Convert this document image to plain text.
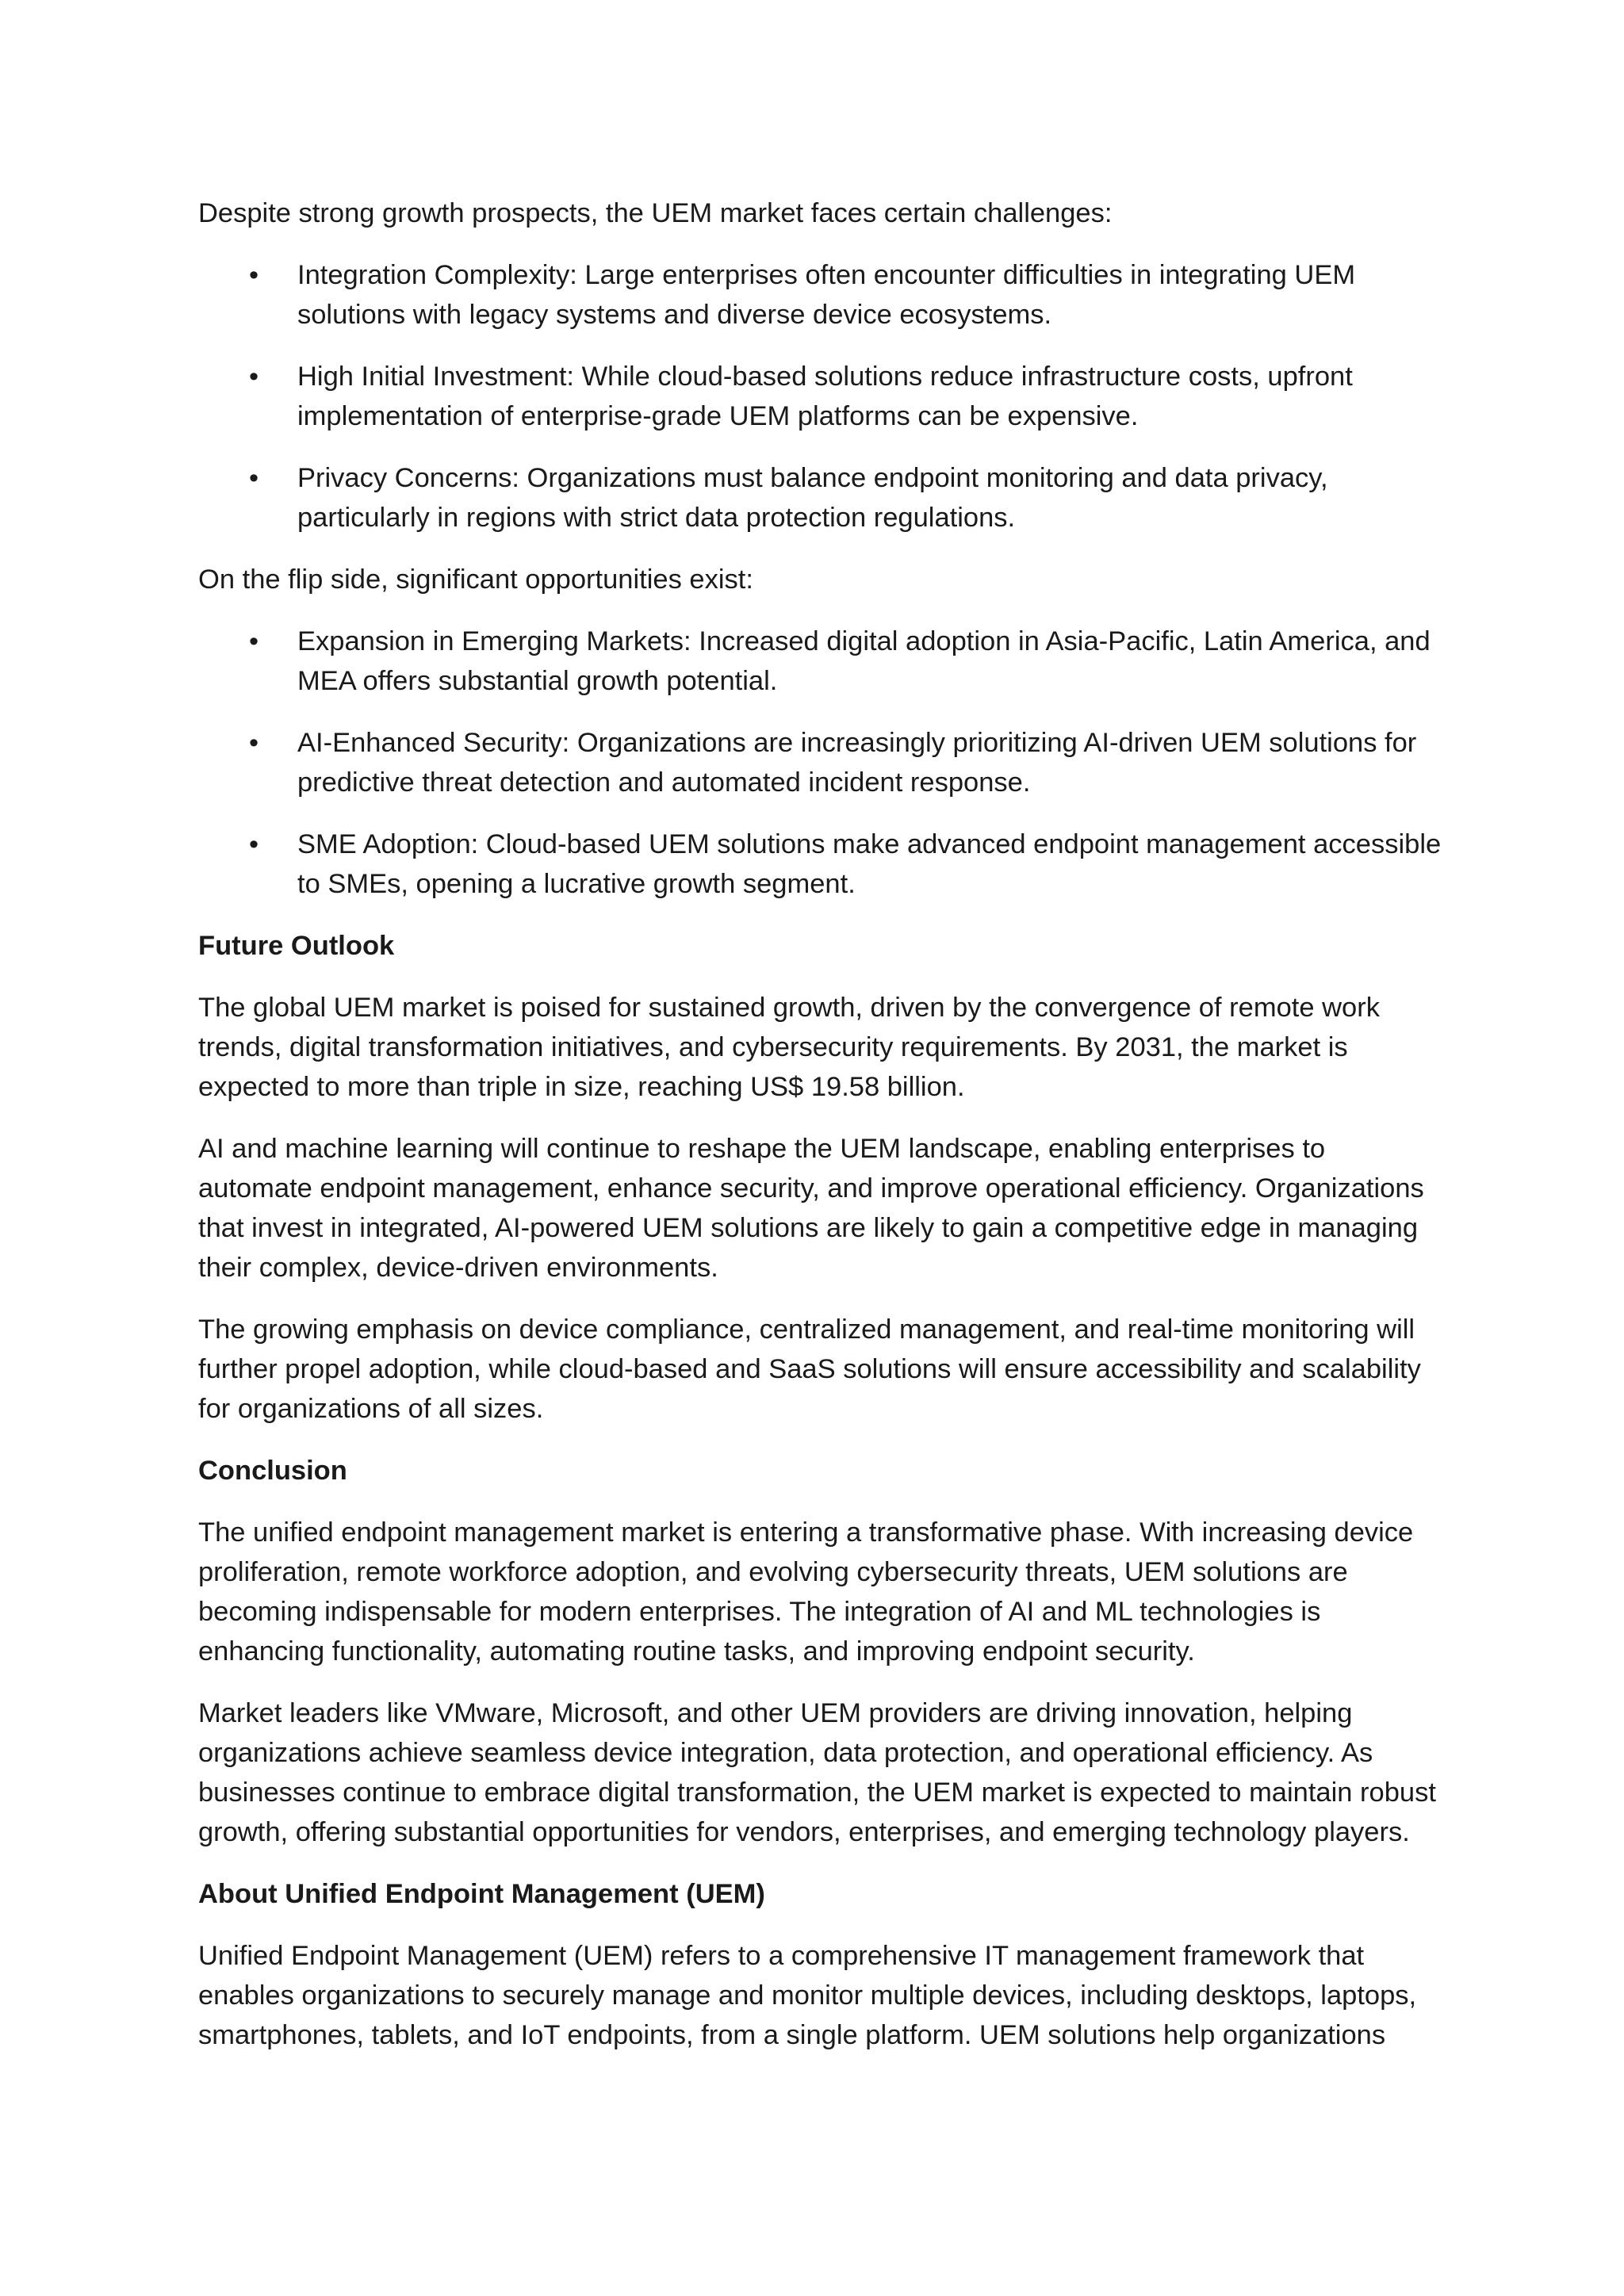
Despite strong growth prospects, the UEM market faces certain challenges:

• Integration Complexity: Large enterprises often encounter difficulties in integrating UEM solutions with legacy systems and diverse device ecosystems.
• High Initial Investment: While cloud-based solutions reduce infrastructure costs, upfront implementation of enterprise-grade UEM platforms can be expensive.
• Privacy Concerns: Organizations must balance endpoint monitoring and data privacy, particularly in regions with strict data protection regulations.

On the flip side, significant opportunities exist:

• Expansion in Emerging Markets: Increased digital adoption in Asia-Pacific, Latin America, and MEA offers substantial growth potential.
• AI-Enhanced Security: Organizations are increasingly prioritizing AI-driven UEM solutions for predictive threat detection and automated incident response.
• SME Adoption: Cloud-based UEM solutions make advanced endpoint management accessible to SMEs, opening a lucrative growth segment.

Future Outlook

The global UEM market is poised for sustained growth, driven by the convergence of remote work trends, digital transformation initiatives, and cybersecurity requirements. By 2031, the market is expected to more than triple in size, reaching US$ 19.58 billion.

AI and machine learning will continue to reshape the UEM landscape, enabling enterprises to automate endpoint management, enhance security, and improve operational efficiency. Organizations that invest in integrated, AI-powered UEM solutions are likely to gain a competitive edge in managing their complex, device-driven environments.

The growing emphasis on device compliance, centralized management, and real-time monitoring will further propel adoption, while cloud-based and SaaS solutions will ensure accessibility and scalability for organizations of all sizes.

Conclusion

The unified endpoint management market is entering a transformative phase. With increasing device proliferation, remote workforce adoption, and evolving cybersecurity threats, UEM solutions are becoming indispensable for modern enterprises. The integration of AI and ML technologies is enhancing functionality, automating routine tasks, and improving endpoint security.

Market leaders like VMware, Microsoft, and other UEM providers are driving innovation, helping organizations achieve seamless device integration, data protection, and operational efficiency. As businesses continue to embrace digital transformation, the UEM market is expected to maintain robust growth, offering substantial opportunities for vendors, enterprises, and emerging technology players.

About Unified Endpoint Management (UEM)

Unified Endpoint Management (UEM) refers to a comprehensive IT management framework that enables organizations to securely manage and monitor multiple devices, including desktops, laptops, smartphones, tablets, and IoT endpoints, from a single platform. UEM solutions help organizations
